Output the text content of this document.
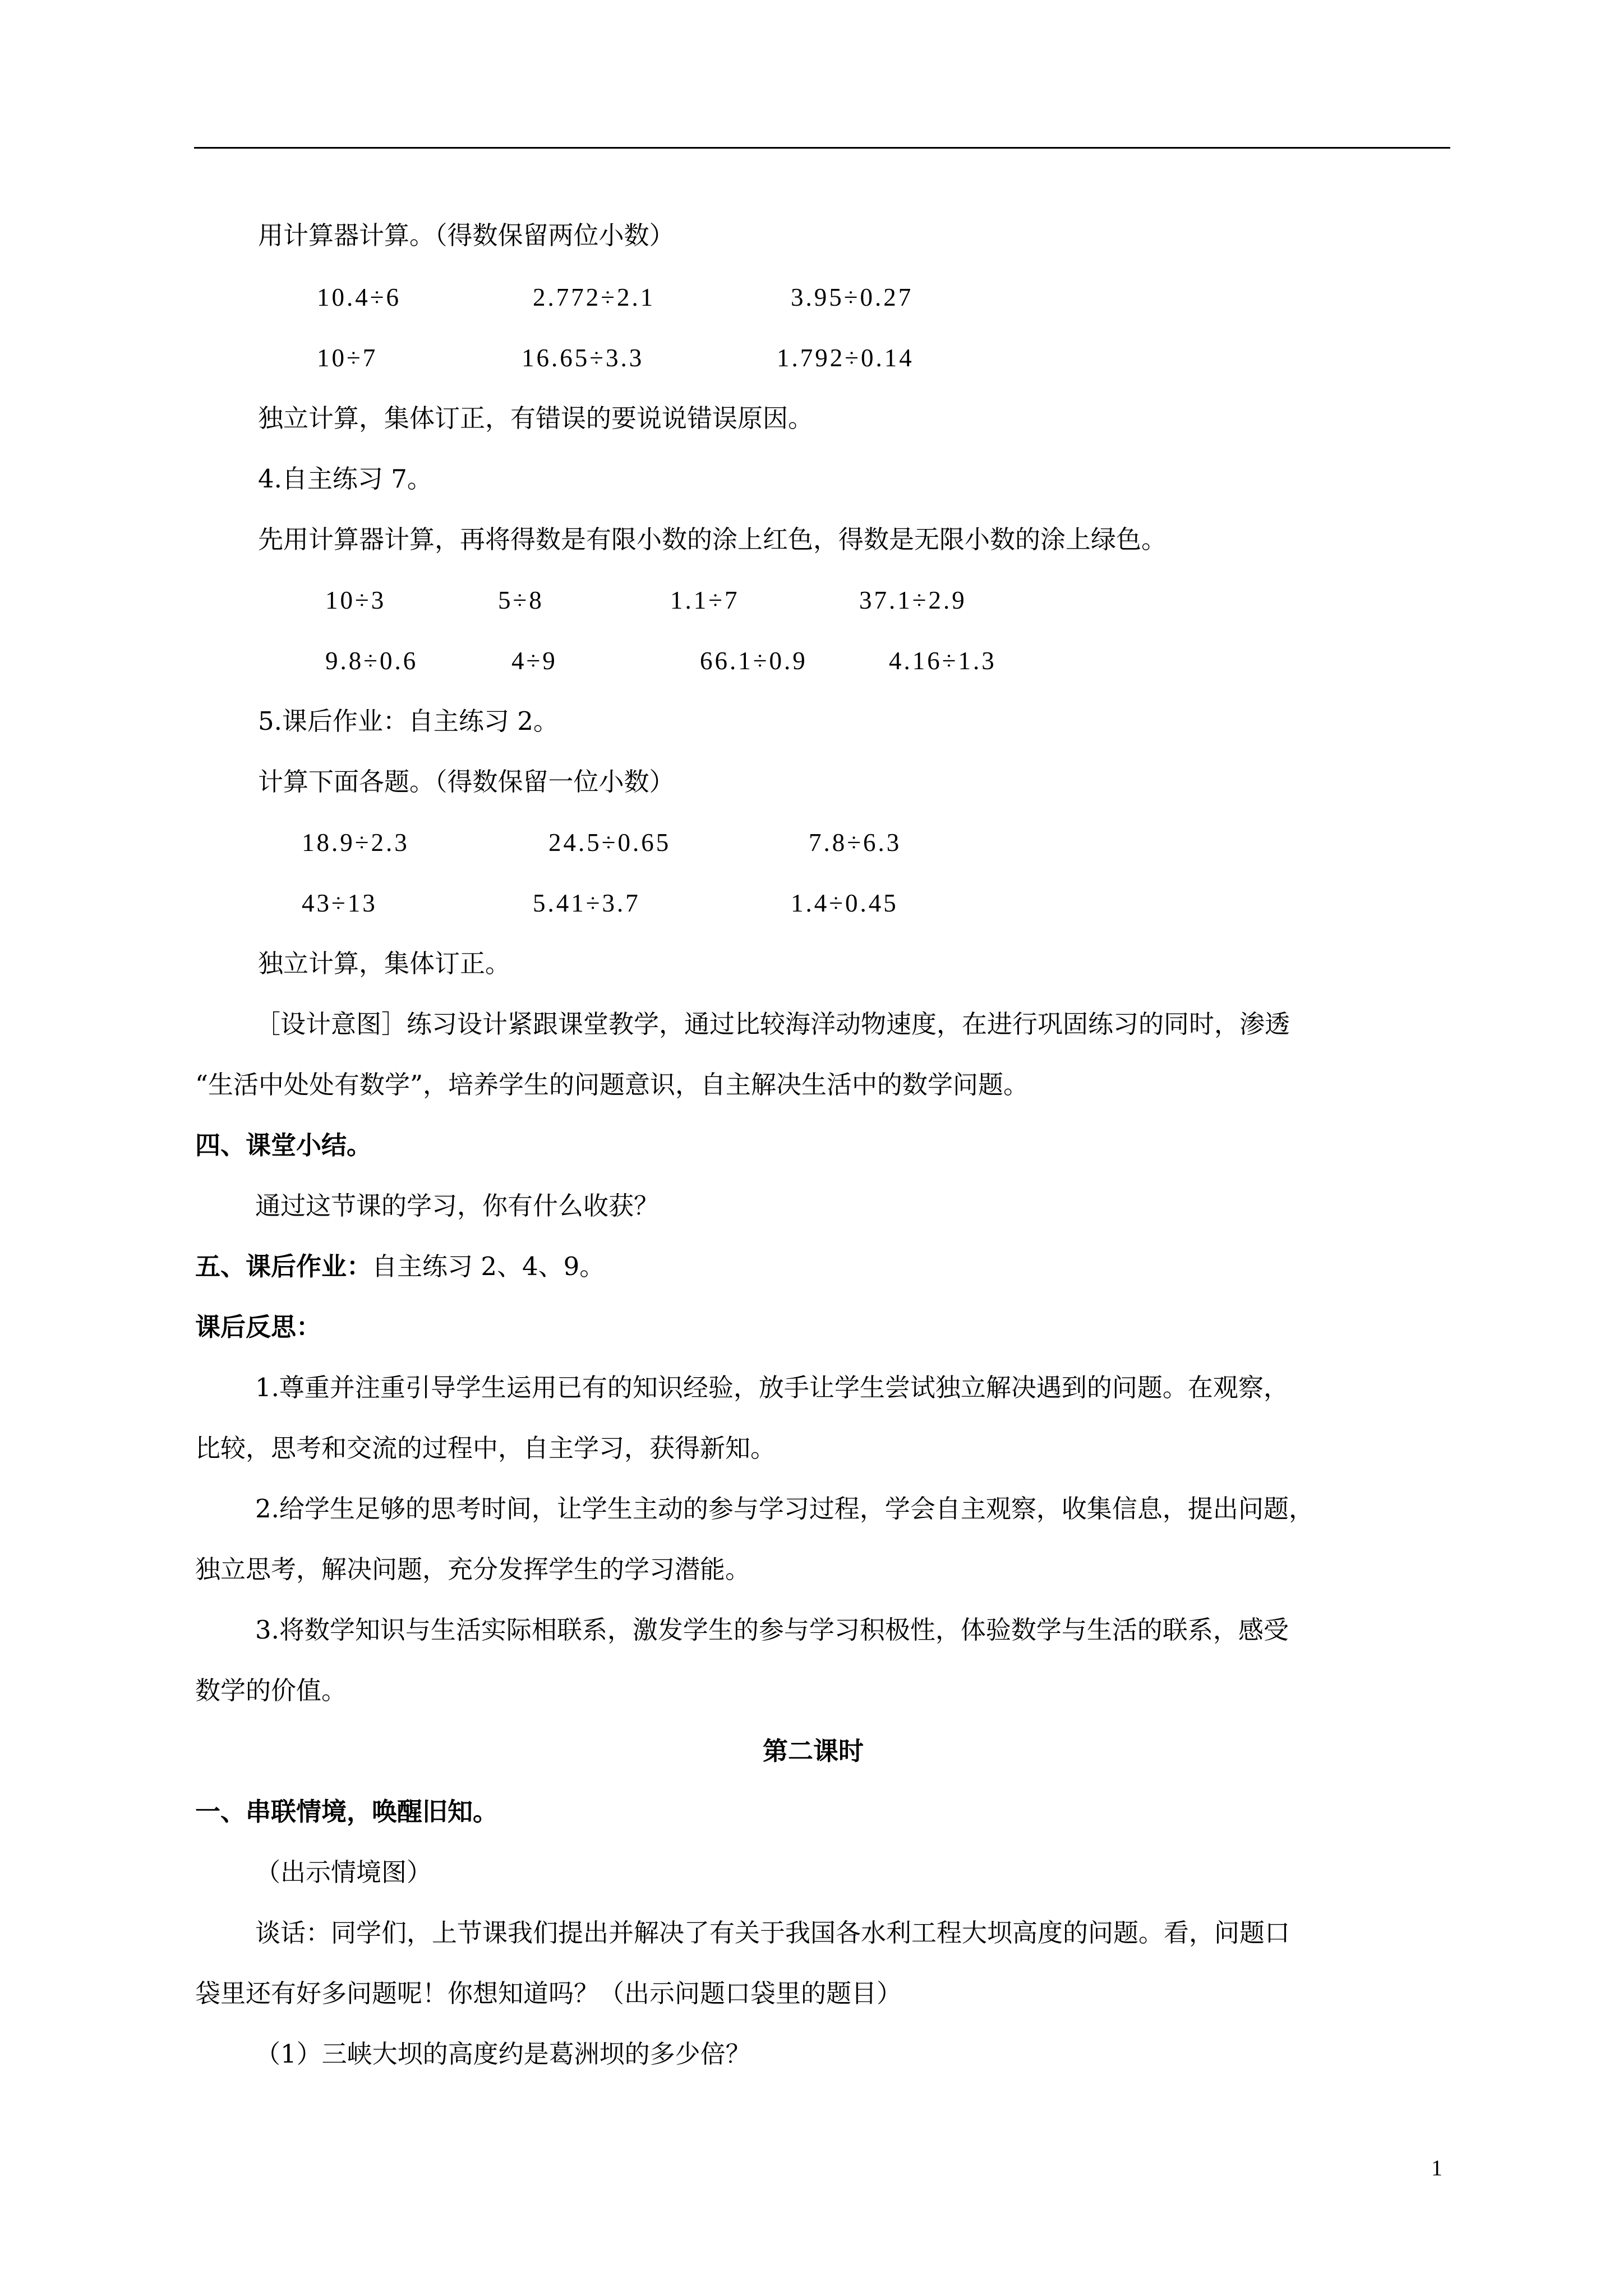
用计算器计算。（得数保留两位小数）
10.4÷6	2.772÷2.1	3.95÷0.27
10÷7	16.65÷3.3	1.792÷0.14
独立计算，集体订正，有错误的要说说错误原因。
4.自主练习 7。
先用计算器计算，再将得数是有限小数的涂上红色，得数是无限小数的涂上绿色。
10÷3	5÷8	1.1÷7	37.1÷2.9
9.8÷0.6	4÷9	66.1÷0.9	4.16÷1.3
5.课后作业：自主练习 2。
计算下面各题。（得数保留一位小数）
18.9÷2.3	24.5÷0.65	7.8÷6.3
43÷13	5.41÷3.7	1.4÷0.45
独立计算，集体订正。
［设计意图］练习设计紧跟课堂教学，通过比较海洋动物速度，在进行巩固练习的同时，渗透
“生活中处处有数学”，培养学生的问题意识，自主解决生活中的数学问题。
四、课堂小结。
通过这节课的学习，你有什么收获？
五、课后作业：自主练习 2、4、9。
课后反思：
1.尊重并注重引导学生运用已有的知识经验，放手让学生尝试独立解决遇到的问题。在观察，
比较，思考和交流的过程中，自主学习，获得新知。
2.给学生足够的思考时间，让学生主动的参与学习过程，学会自主观察，收集信息，提出问题，
独立思考，解决问题，充分发挥学生的学习潜能。
3.将数学知识与生活实际相联系，激发学生的参与学习积极性，体验数学与生活的联系，感受
数学的价值。
第二课时
一、串联情境，唤醒旧知。
（出示情境图）
谈话：同学们，上节课我们提出并解决了有关于我国各水利工程大坝高度的问题。看，问题口
袋里还有好多问题呢！你想知道吗？（出示问题口袋里的题目）
（1）三峡大坝的高度约是葛洲坝的多少倍？
1
